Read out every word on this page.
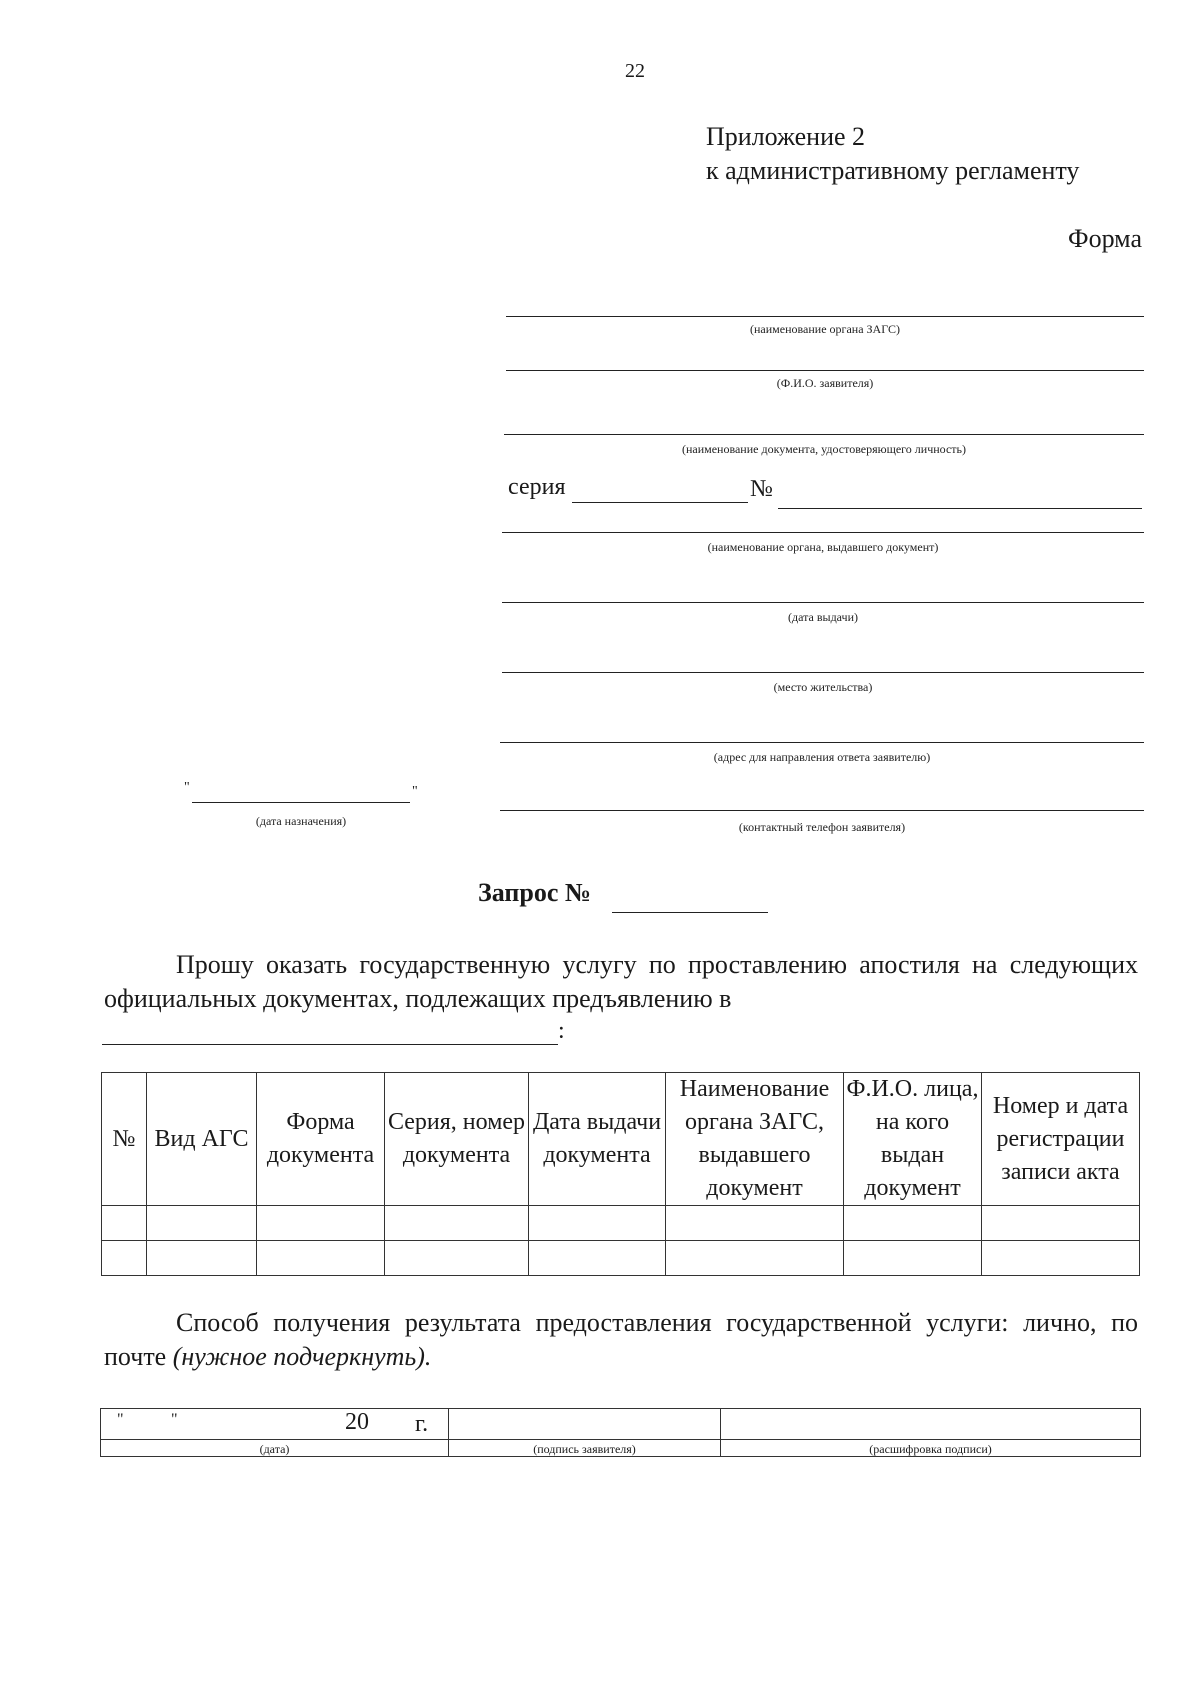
22
Приложение 2
к административному регламенту
Форма
(наименование органа ЗАГС)
(Ф.И.О. заявителя)
(наименование документа, удостоверяющего личность)
серия	№
(наименование органа, выдавшего документ)
(дата выдачи)
(место жительства)
(адрес для направления ответа заявителю)
"	"
(дата назначения)	(контактный телефон заявителя)
Запрос №
Прошу оказать государственную услугу по проставлению апостиля на следующих официальных документах, подлежащих предъявлению в
:
№	Вид АГС	Форма документа	Серия, номер документа	Дата выдачи документа	Наименование органа ЗАГС, выдавшего документ	Ф.И.О. лица, на кого выдан документ	Номер и дата регистрации записи акта

Способ получения результата предоставления государственной услуги: лично, по почте (нужное подчеркнуть).
" " 20 г.		

(дата)	(подпись заявителя)	(расшифровка подписи)
